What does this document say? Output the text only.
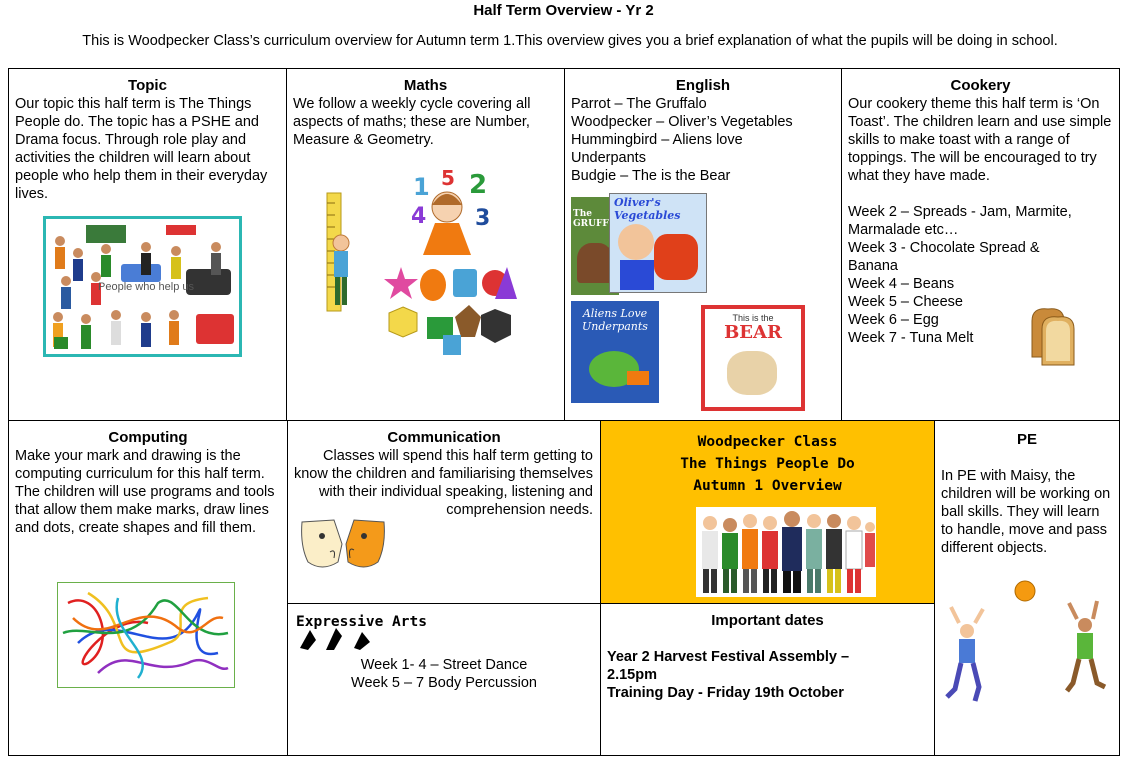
Half Term Overview - Yr 2
This is Woodpecker Class’s curriculum overview for Autumn term 1.This overview gives you a brief explanation of what the pupils will be doing in school.
Topic
Our topic this half term is The Things People do. The topic has a PSHE and Drama focus. Through role play and activities the children will learn about people who help them in their everyday lives.
People who help us
Maths
We follow a weekly cycle covering all aspects of maths; these are Number, Measure & Geometry.
1 5 2
4 3
English
Parrot – The Gruffalo
Woodpecker – Oliver’s Vegetables
Hummingbird – Aliens love Underpants
Budgie – The is the Bear
The GRUFF
Oliver's Vegetables
Aliens Love Underpants
This is the
BEAR
Cookery
Our cookery theme this half term is ‘On Toast’. The children learn and use simple skills to make toast with a range of toppings. The will be encouraged to try what they have made.
Week 2 – Spreads - Jam, Marmite, Marmalade etc…
Week 3 - Chocolate Spread & Banana
Week 4 – Beans
Week 5 – Cheese
Week 6 – Egg
Week 7 - Tuna Melt
Computing
Make your mark and drawing is the computing curriculum for this half term. The children will use programs and tools that allow them make marks, draw lines and dots, create shapes and fill them.
Communication
Classes will spend this half term getting to know the children and familiarising themselves with their individual speaking, listening and comprehension needs.
Woodpecker Class
The Things People Do
Autumn 1 Overview
PE
In PE with Maisy, the children will be working on ball skills. They will learn to handle, move and pass different objects.
Expressive Arts
Week 1- 4 – Street Dance
Week 5 – 7 Body Percussion
Important dates
Year 2 Harvest Festival Assembly – 2.15pm
Training Day - Friday 19th October
